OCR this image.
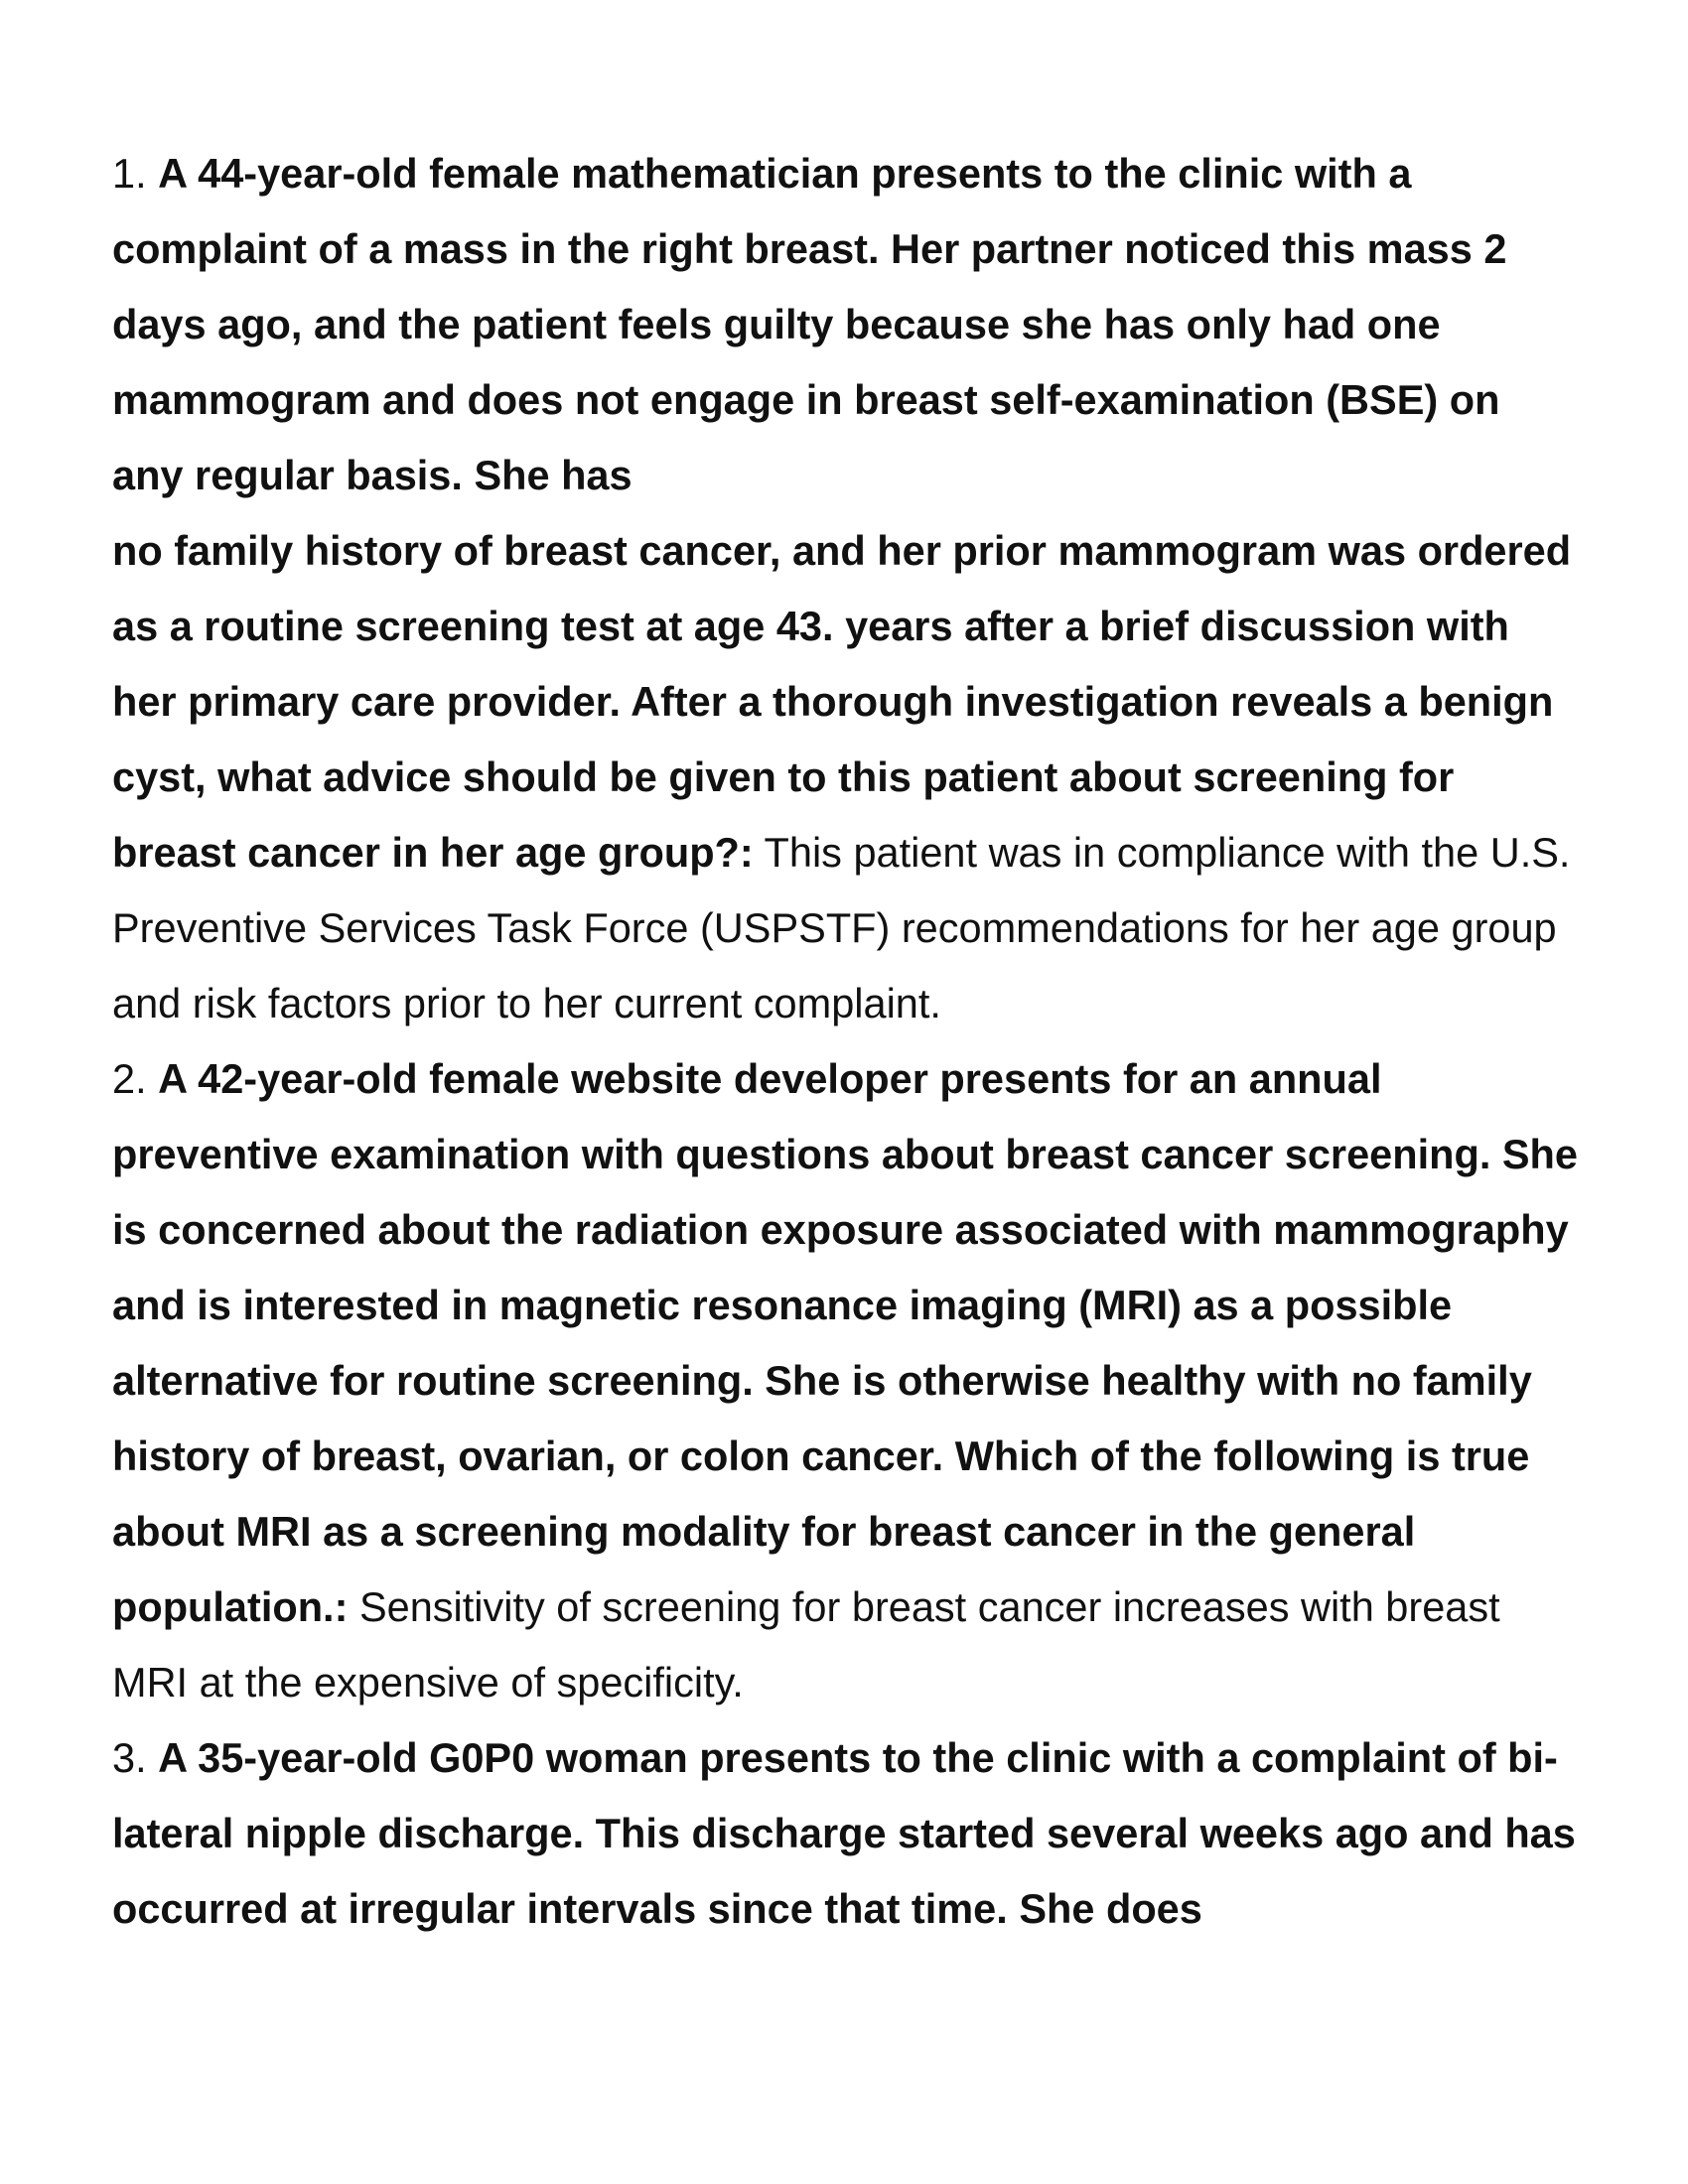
1. A 44-year-old female mathematician presents to the clinic with a complaint of a mass in the right breast. Her partner noticed this mass 2 days ago, and the patient feels guilty because she has only had one mammogram and does not engage in breast self-examination (BSE) on any regular basis. She has
no family history of breast cancer, and her prior mammogram was ordered as a routine screening test at age 43. years after a brief discussion with her primary care provider. After a thorough investigation reveals a benign cyst, what advice should be given to this patient about screening for breast cancer in her age group?: This patient was in compliance with the U.S. Preventive Services Task Force (USPSTF) recommendations for her age group and risk factors prior to her current complaint.

2. A 42-year-old female website developer presents for an annual preventive examination with questions about breast cancer screening. She is concerned about the radiation exposure associated with mammography and is interested in magnetic resonance imaging (MRI) as a possible alternative for routine screening. She is otherwise healthy with no family history of breast, ovarian, or colon cancer. Which of the following is true about MRI as a screening modality for breast cancer in the general population.: Sensitivity of screening for breast cancer increases with breast MRI at the expensive of specificity.

3. A 35-year-old G0P0 woman presents to the clinic with a complaint of bi- lateral nipple discharge. This discharge started several weeks ago and has occurred at irregular intervals since that time. She does
